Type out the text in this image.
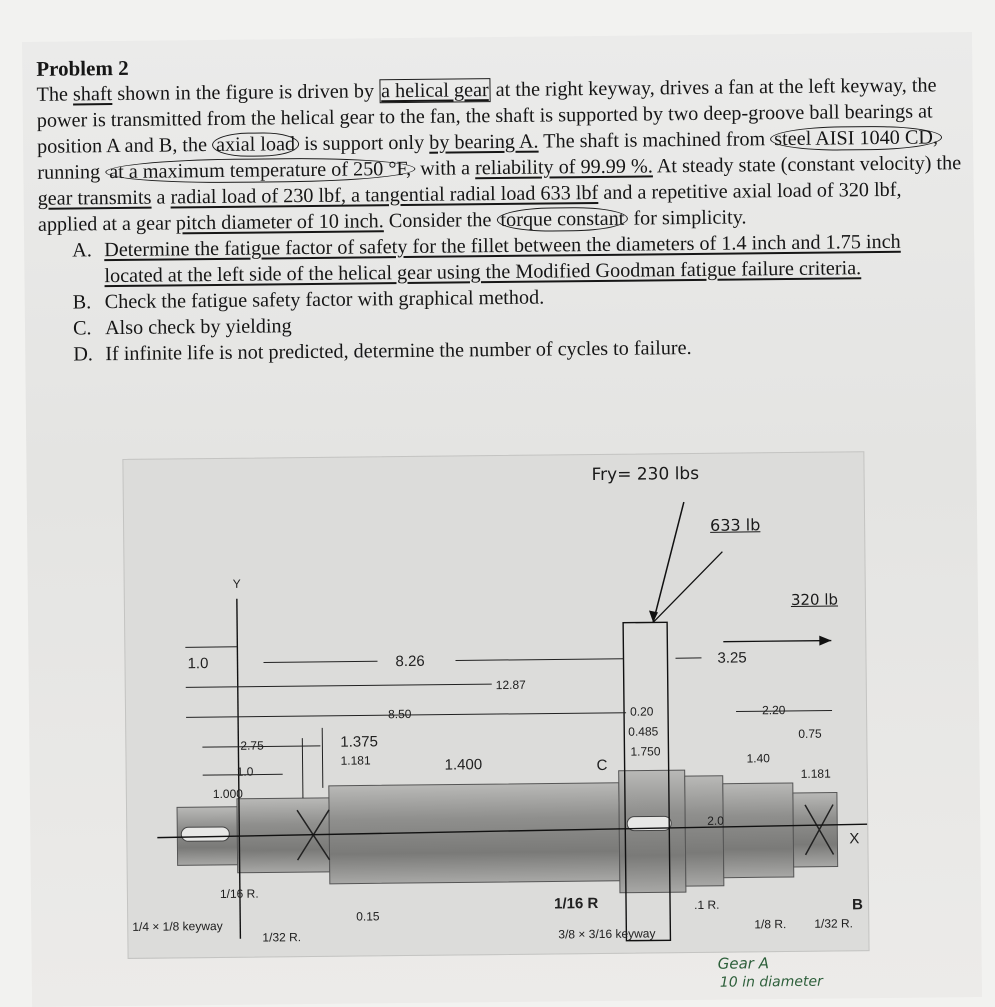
Problem 2

The shaft shown in the figure is driven by a helical gear at the right keyway, drives a fan at the left keyway, the power is transmitted from the helical gear to the fan, the shaft is supported by two deep-groove ball bearings at position A and B, the axial load is support only by bearing A. The shaft is machined from steel AISI 1040 CD, running at a maximum temperature of 250 °F, with a reliability of 99.99 %. At steady state (constant velocity) the gear transmits a radial load of 230 lbf, a tangential radial load 633 lbf and a repetitive axial load of 320 lbf, applied at a gear pitch diameter of 10 inch. Consider the torque constant for simplicity.

A. Determine the fatigue factor of safety for the fillet between the diameters of 1.4 inch and 1.75 inch located at the left side of the helical gear using the Modified Goodman fatigue failure criteria.
B. Check the fatigue safety factor with graphical method.
C. Also check by yielding
D. If infinite life is not predicted, determine the number of cycles to failure.
Fry= 230 lbs
633 lb
320 lb
Y
X
B
C
1.0	8.26	3.25
12.87
8.50	0.20	2.20
2.75	1.375
1.181
0.485	0.75
1.750
1.400	1.40
1.181
1.0
1.000
2.0
0.15
1/16 R	.1 R.
1/16 R.
1/32 R.
1/8 R. 1/32 R.
1/4 × 1/8 keyway	3/8 × 3/16 keyway
Gear A
10 in diameter
